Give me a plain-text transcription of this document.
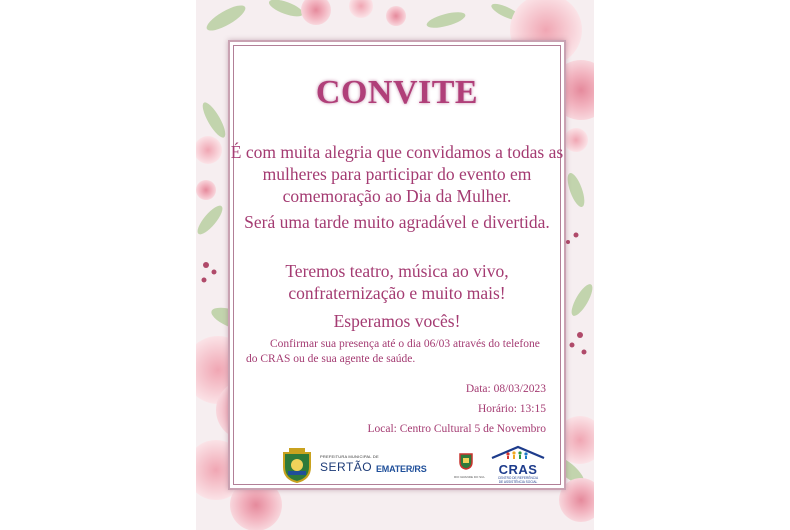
CONVITE

É com muita alegria que convidamos a todas as mulheres para participar do evento em comemoração ao Dia da Mulher.

Será uma tarde muito agradável e divertida.

Teremos teatro, música ao vivo, confraternização e muito mais!

Esperamos vocês!

Confirmar sua presença até o dia 06/03 através do telefone do CRAS ou de sua agente de saúde.

Data: 08/03/2023
Horário: 13:15
Local: Centro Cultural 5 de Novembro
PREFEITURA MUNICIPAL DE
SERTÃO EMATER/RS
RIO GRANDE DO SUL	CRAS
CENTRO DE REFERÊNCIA
DE ASSISTÊNCIA SOCIAL
